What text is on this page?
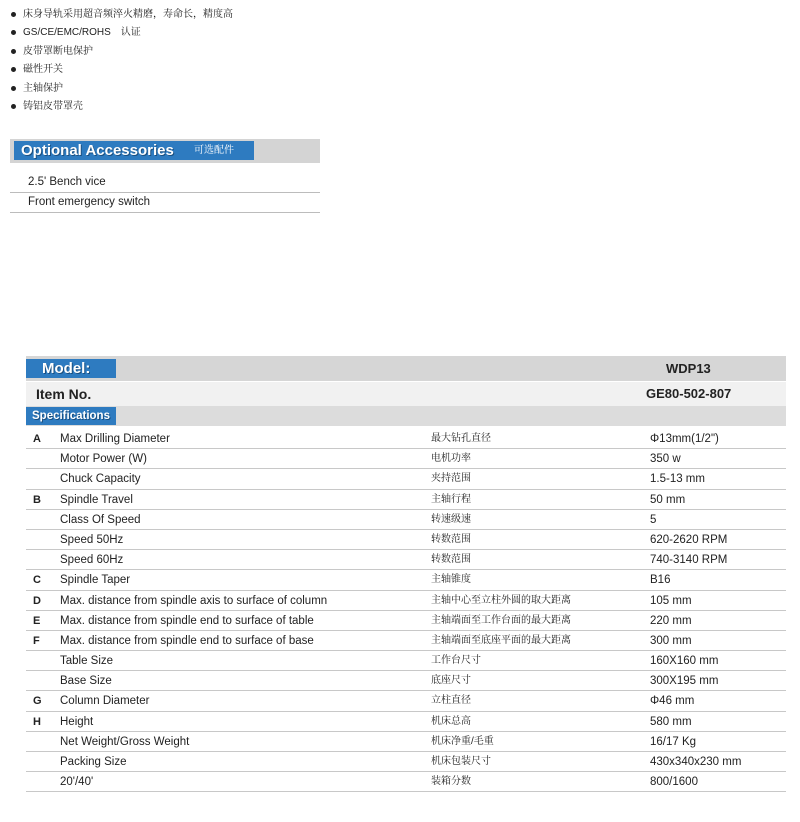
床身导轨采用超音频淬火精磨，寿命长，精度高
GS/CE/EMC/ROHS　认证
皮带罩断电保护
磁性开关
主轴保护
铸铝皮带罩壳
Optional Accessories 可选配件
2.5' Bench vice
Front emergency switch
Model:	WDP13
Item No.	GE80-502-807
Specifications
A Max Drilling Diameter	最大钻孔直径	Φ13mm(1/2")
Motor Power (W)	电机功率	350 w
Chuck Capacity	夹持范围	1.5-13 mm
B Spindle Travel	主轴行程	50 mm
Class Of Speed	转速级速	5
Speed 50Hz	转数范围	620-2620 RPM
Speed 60Hz	转数范围	740-3140 RPM
C Spindle Taper	主轴锥度	B16
D Max. distance from spindle axis to surface of column	主轴中心至立柱外圆的取大距离	105 mm
E Max. distance from spindle end to surface of table	主轴端面至工作台面的最大距离	220 mm
F Max. distance from spindle end to surface of base	主轴端面至底座平面的最大距离	300 mm
Table Size	工作台尺寸	160X160 mm
Base Size	底座尺寸	300X195 mm
G Column Diameter	立柱直径	Φ46 mm
H Height	机床总高	580 mm
Net Weight/Gross Weight	机床净重/毛重	16/17 Kg
Packing Size	机床包装尺寸	430x340x230 mm
20'/40'	装箱分数	800/1600
